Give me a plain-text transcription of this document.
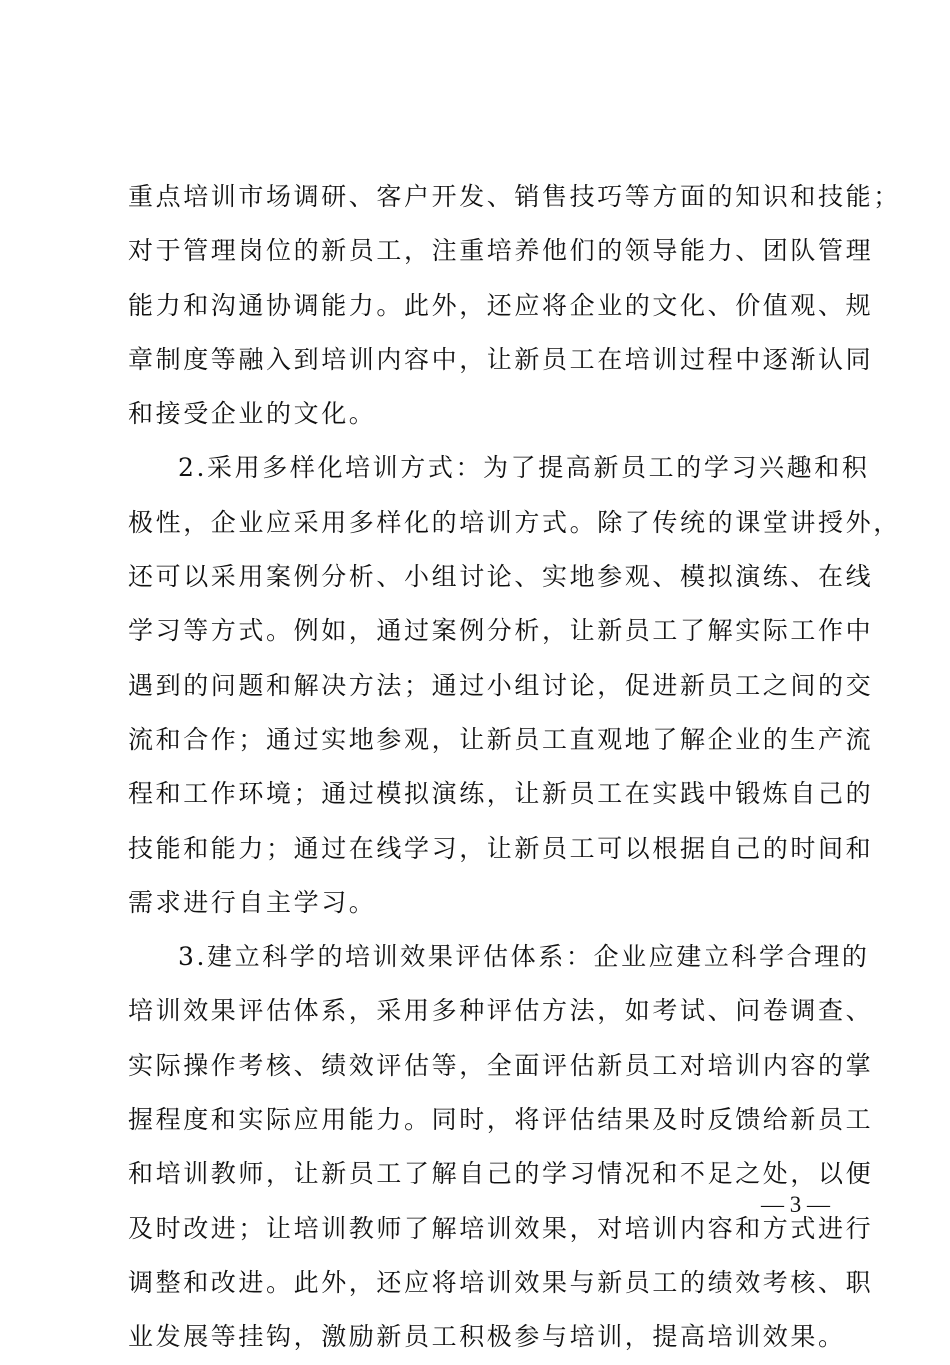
重点培训市场调研、客户开发、销售技巧等方面的知识和技能；
对于管理岗位的新员工，注重培养他们的领导能力、团队管理
能力和沟通协调能力。此外，还应将企业的文化、价值观、规
章制度等融入到培训内容中，让新员工在培训过程中逐渐认同
和接受企业的文化。
2.采用多样化培训方式：为了提高新员工的学习兴趣和积
极性，企业应采用多样化的培训方式。除了传统的课堂讲授外，
还可以采用案例分析、小组讨论、实地参观、模拟演练、在线
学习等方式。例如，通过案例分析，让新员工了解实际工作中
遇到的问题和解决方法；通过小组讨论，促进新员工之间的交
流和合作；通过实地参观，让新员工直观地了解企业的生产流
程和工作环境；通过模拟演练，让新员工在实践中锻炼自己的
技能和能力；通过在线学习，让新员工可以根据自己的时间和
需求进行自主学习。
3.建立科学的培训效果评估体系：企业应建立科学合理的
培训效果评估体系，采用多种评估方法，如考试、问卷调查、
实际操作考核、绩效评估等，全面评估新员工对培训内容的掌
握程度和实际应用能力。同时，将评估结果及时反馈给新员工
和培训教师，让新员工了解自己的学习情况和不足之处，以便
及时改进；让培训教师了解培训效果，对培训内容和方式进行
调整和改进。此外，还应将培训效果与新员工的绩效考核、职
业发展等挂钩，激励新员工积极参与培训，提高培训效果。
— 3 —
